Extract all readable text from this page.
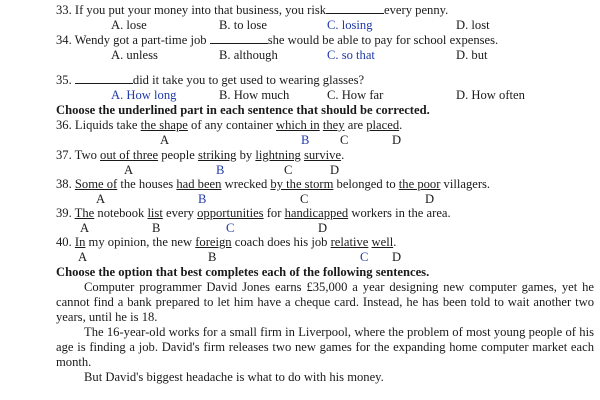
33. If you put your money into that business, you risk	every penny.
A. lose	B. to lose	C. losing	D. lost
34. Wendy got a part-time job	she would be able to pay for school expenses.
A. unless	B. although	C. so that	D. but
35.	did it take you to get used to wearing glasses?
A. How long	B. How much	C. How far	D. How often
Choose the underlined part in each sentence that should be corrected.
36. Liquids take the shape of any container which in they are placed.
A	B C	D
37. Two out of three people striking by lightning survive.
A	B	C	D
38. Some of the houses had been wrecked by the storm belonged to the poor villagers.
A	B	C	D
39. The notebook list every opportunities for handicapped workers in the area.
A	B	C	D
40. In my opinion, the new foreign coach does his job relative well.
A	B	C D
Choose the option that best completes each of the following sentences.
Computer programmer David Jones earns £35,000 a year designing new computer games, yet he cannot find a bank prepared to let him have a cheque card. Instead, he has been told to wait another two years, until he is 18.
The 16-year-old works for a small firm in Liverpool, where the problem of most young people of his age is finding a job. David's firm releases two new games for the expanding home computer market each month.
But David's biggest headache is what to do with his money.
